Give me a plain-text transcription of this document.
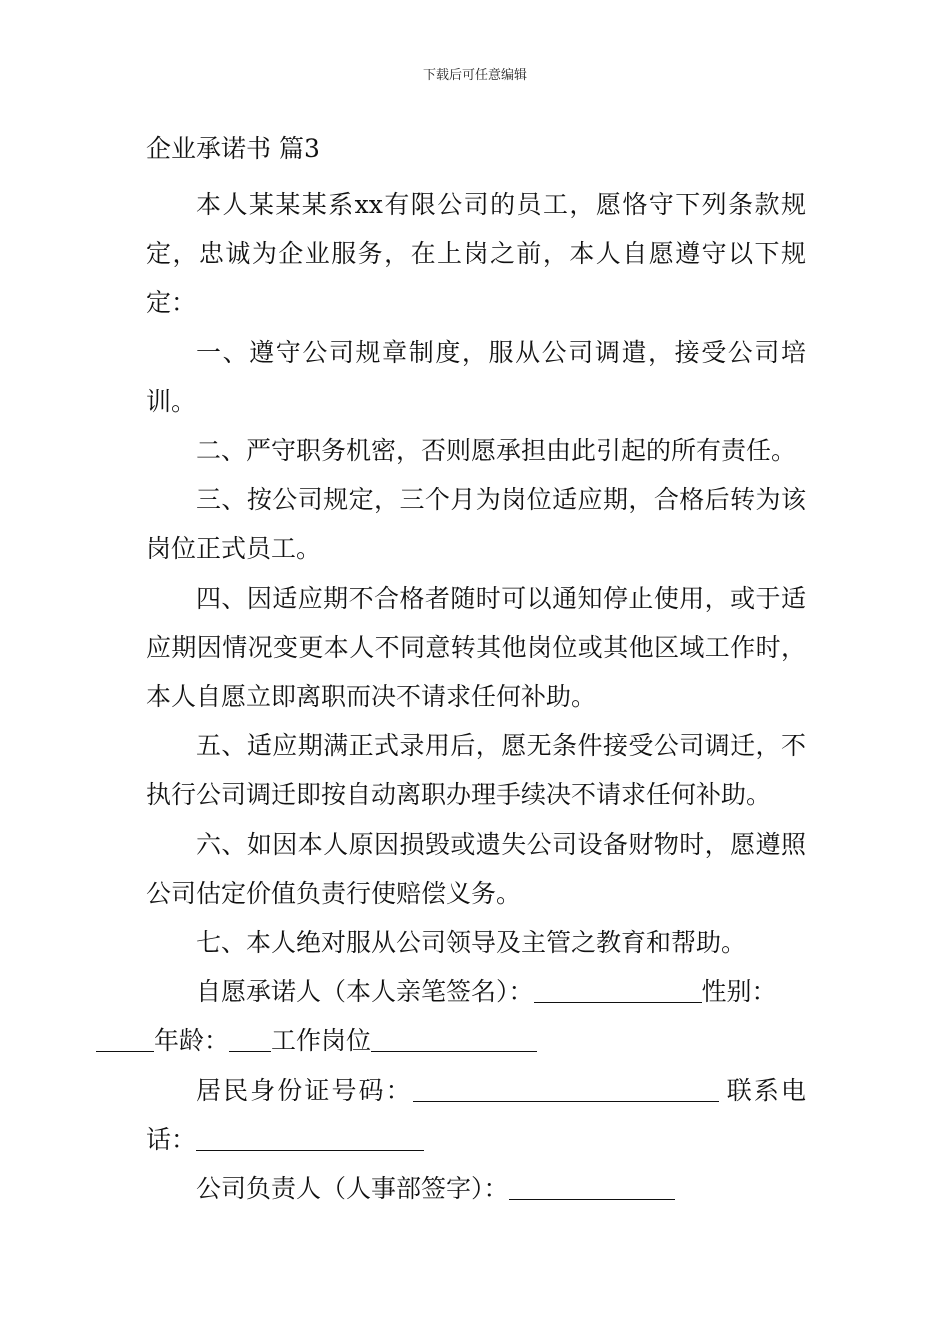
下载后可任意编辑
企业承诺书 篇3

本人某某某系xx有限公司的员工，愿恪守下列条款规定，忠诚为企业服务，在上岗之前，本人自愿遵守以下规定：

一、遵守公司规章制度，服从公司调遣，接受公司培训。

二、严守职务机密，否则愿承担由此引起的所有责任。

三、按公司规定，三个月为岗位适应期，合格后转为该岗位正式员工。

四、因适应期不合格者随时可以通知停止使用，或于适应期因情况变更本人不同意转其他岗位或其他区域工作时，本人自愿立即离职而决不请求任何补助。

五、适应期满正式录用后，愿无条件接受公司调迁，不执行公司调迁即按自动离职办理手续决不请求任何补助。

六、如因本人原因损毁或遗失公司设备财物时，愿遵照公司估定价值负责行使赔偿义务。

七、本人绝对服从公司领导及主管之教育和帮助。

自愿承诺人（本人亲笔签名）：	性别：
年龄： 工作岗位

居民身份证号码：	联系电话：

公司负责人（人事部签字）：
